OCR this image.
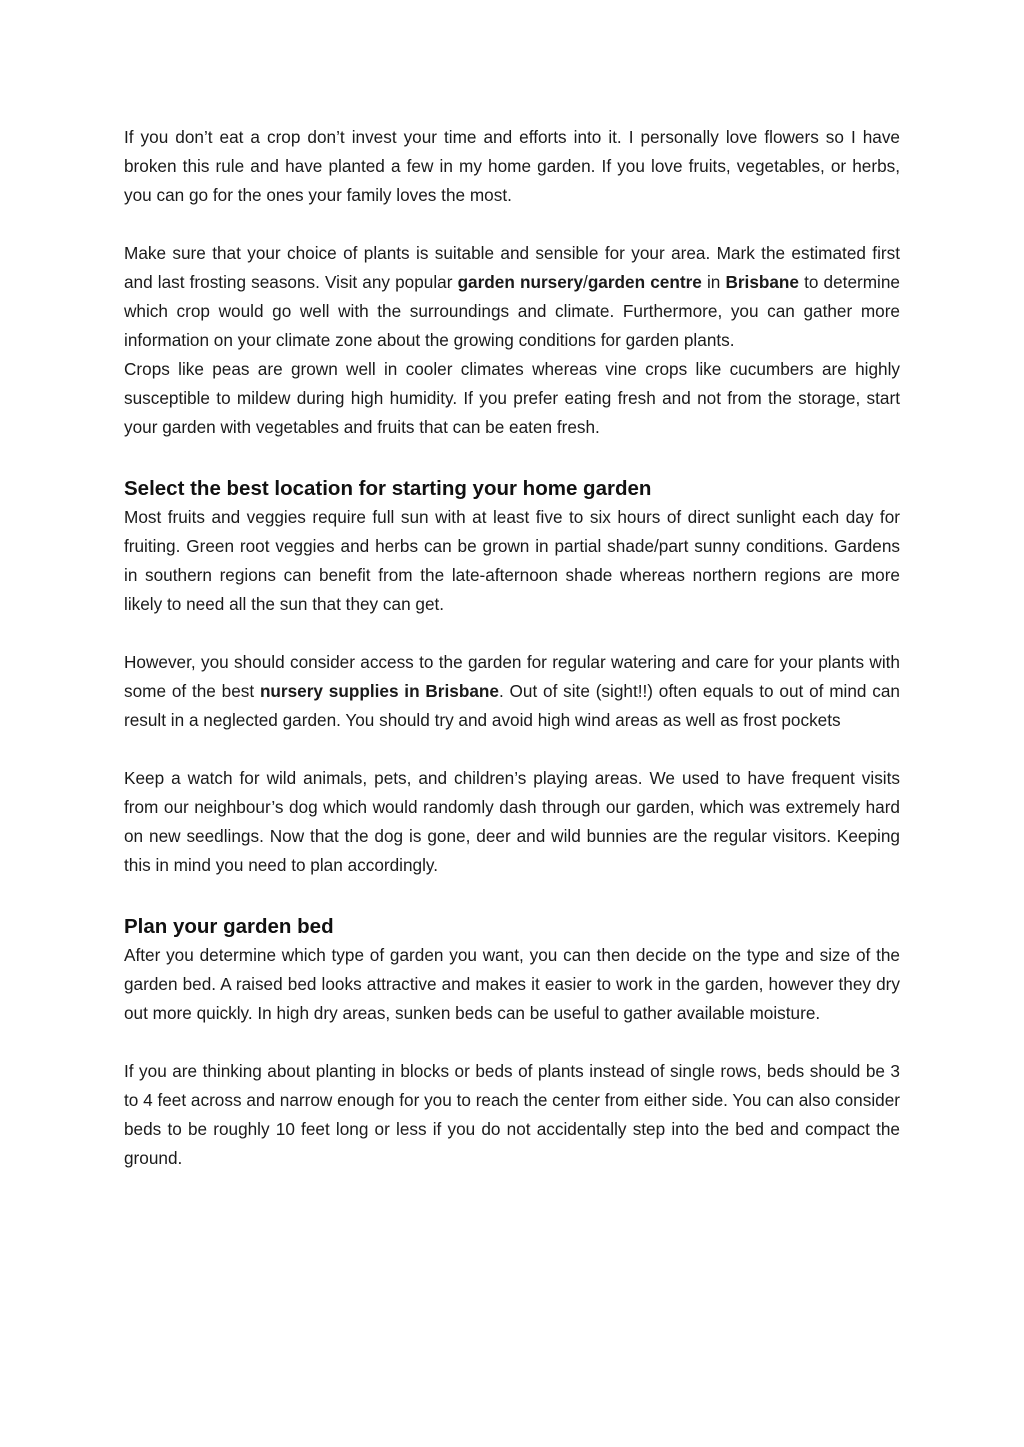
If you don’t eat a crop don’t invest your time and efforts into it. I personally love flowers so I have broken this rule and have planted a few in my home garden. If you love fruits, vegetables, or herbs, you can go for the ones your family loves the most.

Make sure that your choice of plants is suitable and sensible for your area. Mark the estimated first and last frosting seasons. Visit any popular garden nursery/garden centre in Brisbane to determine which crop would go well with the surroundings and climate. Furthermore, you can gather more information on your climate zone about the growing conditions for garden plants.

Crops like peas are grown well in cooler climates whereas vine crops like cucumbers are highly susceptible to mildew during high humidity. If you prefer eating fresh and not from the storage, start your garden with vegetables and fruits that can be eaten fresh.

Select the best location for starting your home garden

Most fruits and veggies require full sun with at least five to six hours of direct sunlight each day for fruiting. Green root veggies and herbs can be grown in partial shade/part sunny conditions. Gardens in southern regions can benefit from the late-afternoon shade whereas northern regions are more likely to need all the sun that they can get.

However, you should consider access to the garden for regular watering and care for your plants with some of the best nursery supplies in Brisbane. Out of site (sight!!) often equals to out of mind can result in a neglected garden. You should try and avoid high wind areas as well as frost pockets

Keep a watch for wild animals, pets, and children’s playing areas. We used to have frequent visits from our neighbour’s dog which would randomly dash through our garden, which was extremely hard on new seedlings. Now that the dog is gone, deer and wild bunnies are the regular visitors. Keeping this in mind you need to plan accordingly.

Plan your garden bed

After you determine which type of garden you want, you can then decide on the type and size of the garden bed. A raised bed looks attractive and makes it easier to work in the garden, however they dry out more quickly. In high dry areas, sunken beds can be useful to gather available moisture.

If you are thinking about planting in blocks or beds of plants instead of single rows, beds should be 3 to 4 feet across and narrow enough for you to reach the center from either side. You can also consider beds to be roughly 10 feet long or less if you do not accidentally step into the bed and compact the ground.
